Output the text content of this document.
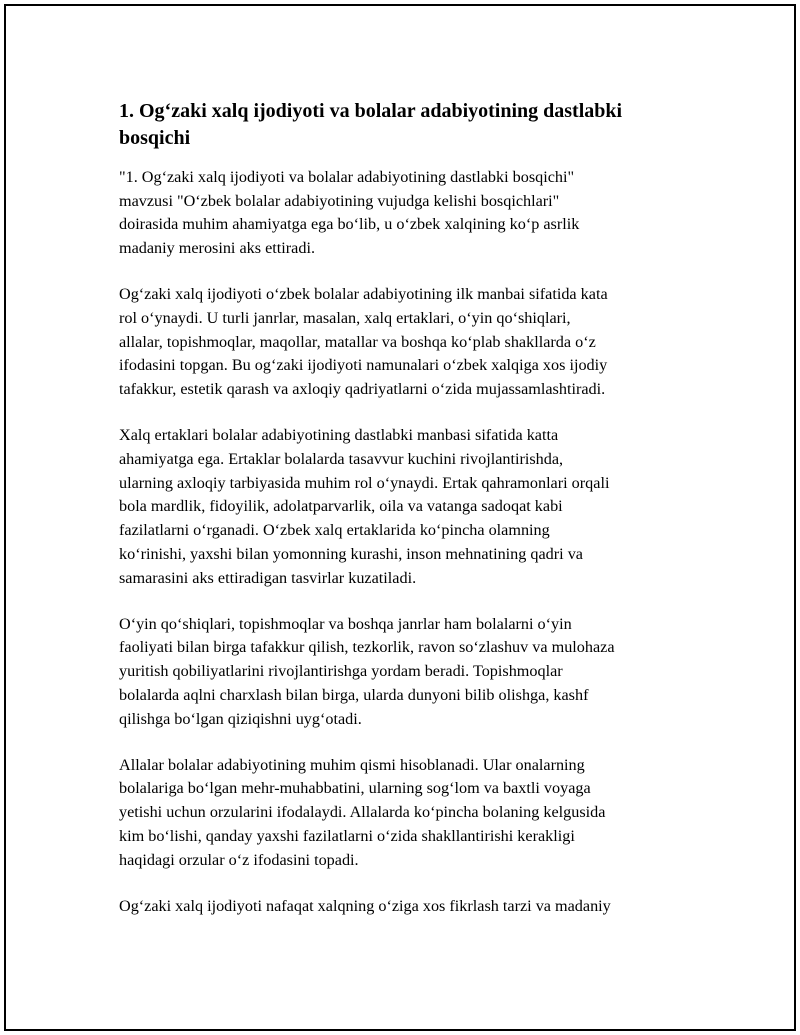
1. Og‘zaki xalq ijodiyoti va bolalar adabiyotining dastlabki
bosqichi

"1. Og‘zaki xalq ijodiyoti va bolalar adabiyotining dastlabki bosqichi"
mavzusi "O‘zbek bolalar adabiyotining vujudga kelishi bosqichlari"
doirasida muhim ahamiyatga ega bo‘lib, u o‘zbek xalqining ko‘p asrlik
madaniy merosini aks ettiradi.

Og‘zaki xalq ijodiyoti o‘zbek bolalar adabiyotining ilk manbai sifatida kata
rol o‘ynaydi. U turli janrlar, masalan, xalq ertaklari, o‘yin qo‘shiqlari,
allalar, topishmoqlar, maqollar, matallar va boshqa ko‘plab shakllarda o‘z
ifodasini topgan. Bu og‘zaki ijodiyoti namunalari o‘zbek xalqiga xos ijodiy
tafakkur, estetik qarash va axloqiy qadriyatlarni o‘zida mujassamlashtiradi.

Xalq ertaklari bolalar adabiyotining dastlabki manbasi sifatida katta
ahamiyatga ega. Ertaklar bolalarda tasavvur kuchini rivojlantirishda,
ularning axloqiy tarbiyasida muhim rol o‘ynaydi. Ertak qahramonlari orqali
bola mardlik, fidoyilik, adolatparvarlik, oila va vatanga sadoqat kabi
fazilatlarni o‘rganadi. O‘zbek xalq ertaklarida ko‘pincha olamning
ko‘rinishi, yaxshi bilan yomonning kurashi, inson mehnatining qadri va
samarasini aks ettiradigan tasvirlar kuzatiladi.

O‘yin qo‘shiqlari, topishmoqlar va boshqa janrlar ham bolalarni o‘yin
faoliyati bilan birga tafakkur qilish, tezkorlik, ravon so‘zlashuv va mulohaza
yuritish qobiliyatlarini rivojlantirishga yordam beradi. Topishmoqlar
bolalarda aqlni charxlash bilan birga, ularda dunyoni bilib olishga, kashf
qilishga bo‘lgan qiziqishni uyg‘otadi.

Allalar bolalar adabiyotining muhim qismi hisoblanadi. Ular onalarning
bolalariga bo‘lgan mehr-muhabbatini, ularning sog‘lom va baxtli voyaga
yetishi uchun orzularini ifodalaydi. Allalarda ko‘pincha bolaning kelgusida
kim bo‘lishi, qanday yaxshi fazilatlarni o‘zida shakllantirishi kerakligi
haqidagi orzular o‘z ifodasini topadi.

Og‘zaki xalq ijodiyoti nafaqat xalqning o‘ziga xos fikrlash tarzi va madaniy
